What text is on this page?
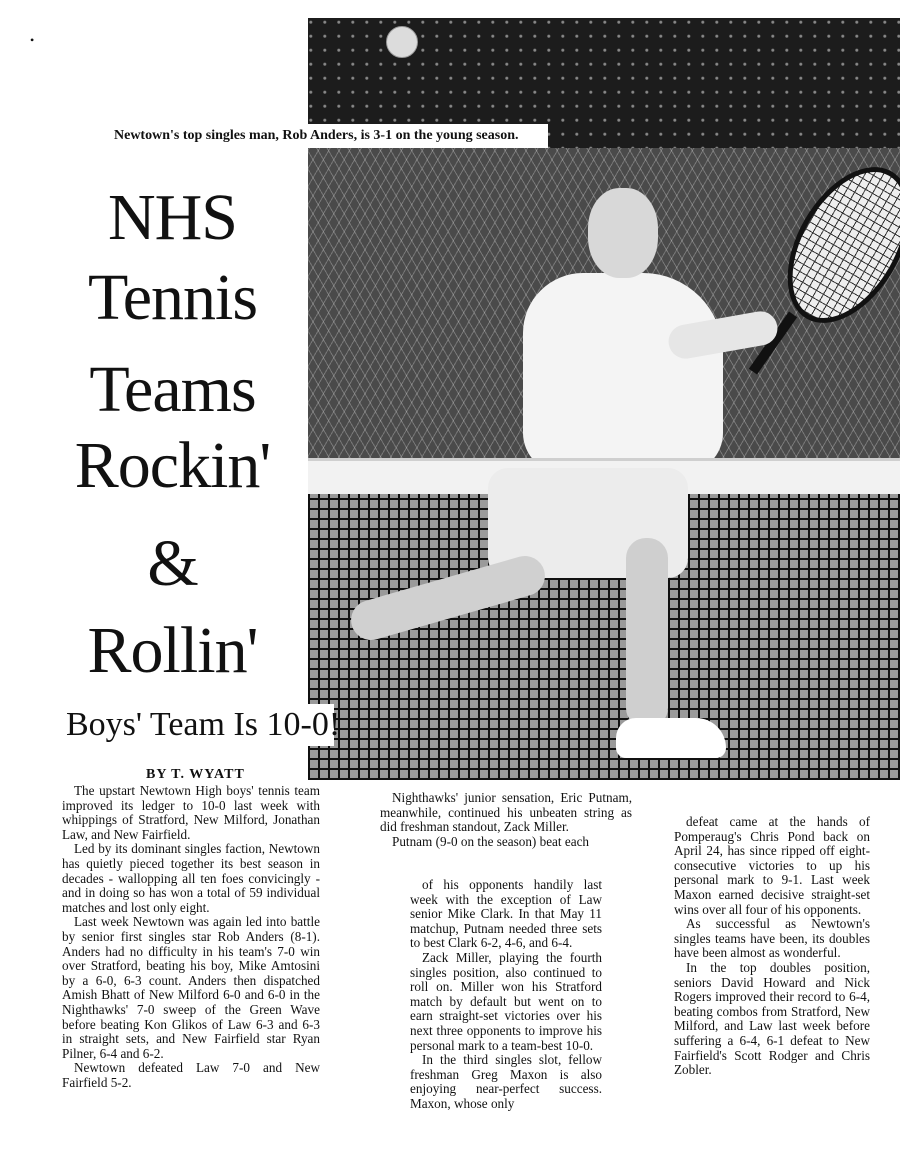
•
Newtown's top singles man, Rob Anders, is 3-1 on the young season.
NHS
Tennis
Teams
Rockin'
&
Rollin'
Boys' Team Is 10-0!
BY T. WYATT

The upstart Newtown High boys' tennis team improved its ledger to 10-0 last week with whippings of Stratford, New Milford, Jonathan Law, and New Fairfield.

Led by its dominant singles faction, Newtown has quietly pieced together its best season in decades - wallopping all ten foes convicingly - and in doing so has won a total of 59 individual matches and lost only eight.

Last week Newtown was again led into battle by senior first singles star Rob Anders (8-1). Anders had no difficulty in his team's 7-0 win over Stratford, beating his boy, Mike Amtosini by a 6-0, 6-3 count. Anders then dispatched Amish Bhatt of New Milford 6-0 and 6-0 in the Nighthawks' 7-0 sweep of the Green Wave before beating Kon Glikos of Law 6-3 and 6-3 in straight sets, and New Fairfield star Ryan Pilner, 6-4 and 6-2.

Newtown defeated Law 7-0 and New Fairfield 5-2.

Nighthawks' junior sensation, Eric Putnam, meanwhile, continued his unbeaten string as did freshman standout, Zack Miller.

Putnam (9-0 on the season) beat each

of his opponents handily last week with the exception of Law senior Mike Clark. In that May 11 matchup, Putnam needed three sets to best Clark 6-2, 4-6, and 6-4.

Zack Miller, playing the fourth singles position, also continued to roll on. Miller won his Stratford match by default but went on to earn straight-set victories over his next three opponents to improve his personal mark to a team-best 10-0.

In the third singles slot, fellow freshman Greg Maxon is also enjoying near-perfect success. Maxon, whose only

defeat came at the hands of Pomperaug's Chris Pond back on April 24, has since ripped off eight-consecutive victories to up his personal mark to 9-1. Last week Maxon earned decisive straight-set wins over all four of his opponents.

As successful as Newtown's singles teams have been, its doubles have been almost as wonderful.

In the top doubles position, seniors David Howard and Nick Rogers improved their record to 6-4, beating combos from Stratford, New Milford, and Law last week before suffering a 6-4, 6-1 defeat to New Fairfield's Scott Rodger and Chris Zobler.
